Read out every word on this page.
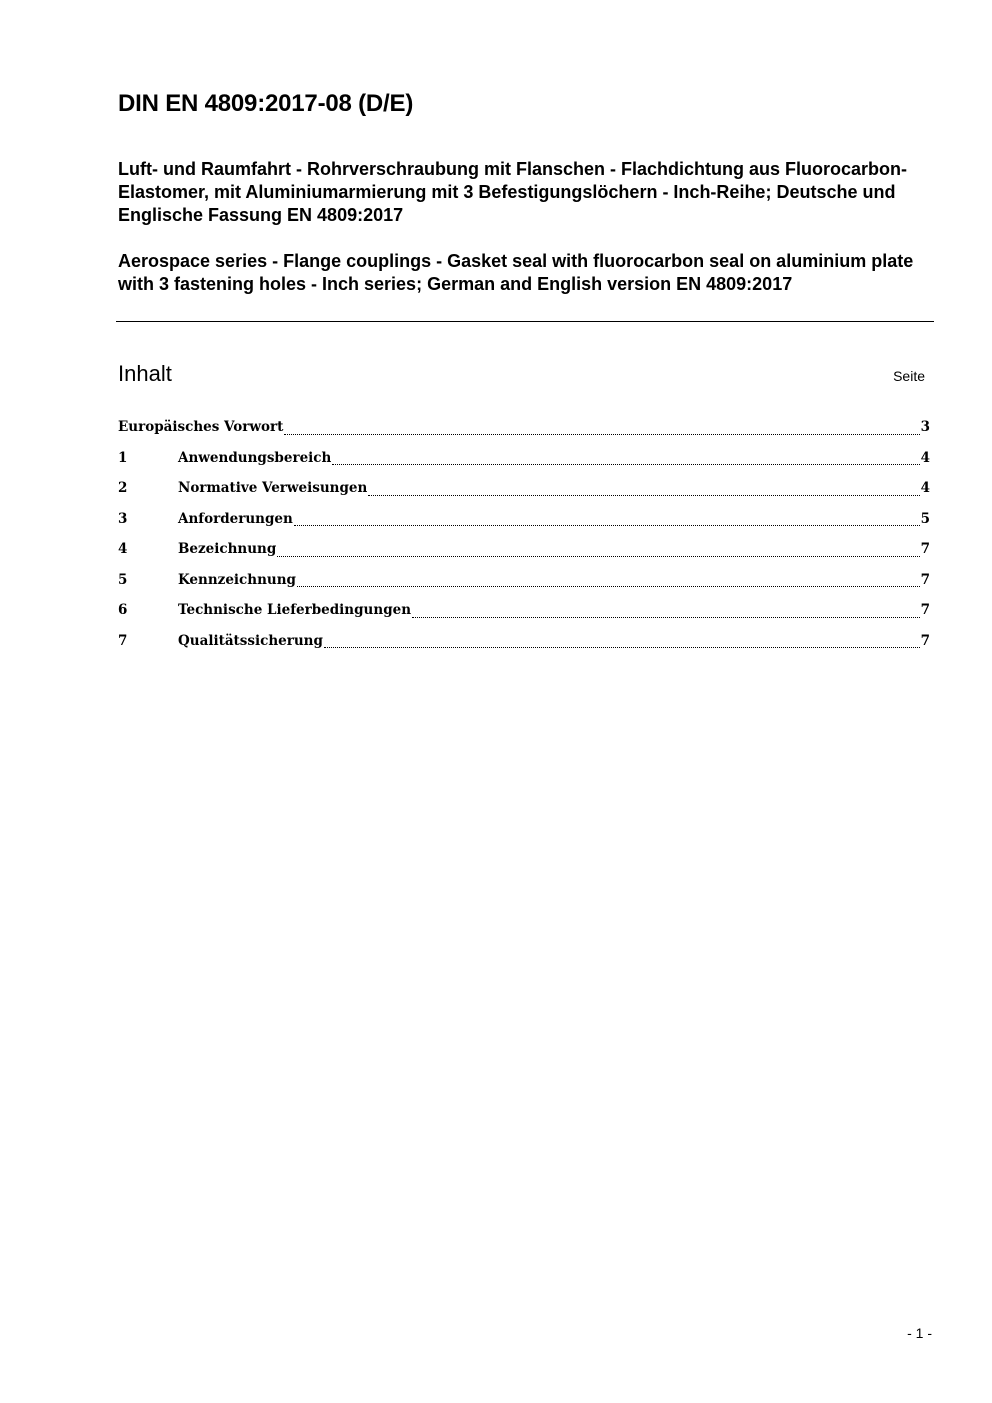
DIN EN 4809:2017-08 (D/E)

Luft- und Raumfahrt - Rohrverschraubung mit Flanschen - Flachdichtung aus Fluorocarbon-Elastomer, mit Aluminiumarmierung mit 3 Befestigungslöchern - Inch-Reihe; Deutsche und Englische Fassung EN 4809:2017

Aerospace series - Flange couplings - Gasket seal with fluorocarbon seal on aluminium plate with 3 fastening holes - Inch series; German and English version EN 4809:2017

Inhalt	Seite
Europäisches Vorwort	3
1	Anwendungsbereich	4
2	Normative Verweisungen	4
3	Anforderungen	5
4	Bezeichnung	7
5	Kennzeichnung	7
6	Technische Lieferbedingungen	7
7	Qualitätssicherung	7
- 1 -
